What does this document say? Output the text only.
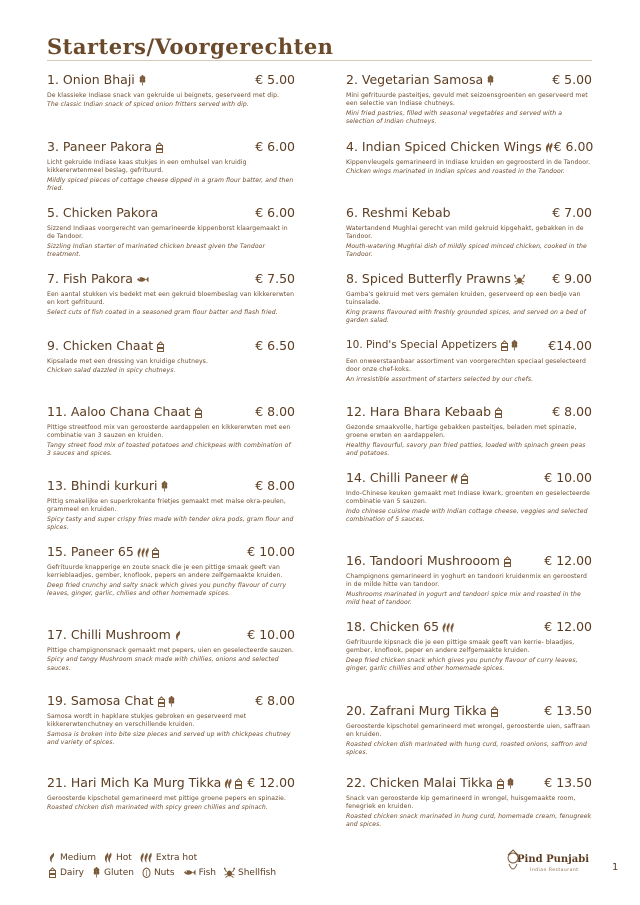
Starters/Voorgerechten
1. Onion Bhaji	€ 5.00
De klassieke Indiase snack van gekruide ui beignets, geserveerd met dip.
The classic Indian snack of spiced onion fritters served with dip.
2. Vegetarian Samosa	€ 5.00
Mini gefrituurde pasteitjes, gevuld met seizoensgroenten en geserveerd met een selectie van Indiase chutneys.
Mini fried pastries, filled with seasonal vegetables and served with a selection of Indian chutneys.
3. Paneer Pakora	€ 6.00
Licht gekruide Indiase kaas stukjes in een omhulsel van kruidig kikkererwtenmeel beslag, gefrituurd.
Mildly spiced pieces of cottage cheese dipped in a gram flour batter, and then fried.
4. Indian Spiced Chicken Wings € 6.00
Kippenvleugels gemarineerd in Indiase kruiden en gegroosterd in de Tandoor.
Chicken wings marinated in Indian spices and roasted in the Tandoor.
5. Chicken Pakora	€ 6.00
Sizzend Indiaas voorgerecht van gemarineerde kippenborst klaargemaakt in de Tandoor.
Sizzling Indian starter of marinated chicken breast given the Tandoor treatment.
6. Reshmi Kebab	€ 7.00
Watertandend Mughlai gerecht van mild gekruid kipgehakt, gebakken in de Tandoor.
Mouth-watering Mughlai dish of mildly spiced minced chicken, cooked in the Tandoor.
7. Fish Pakora	€ 7.50
Een aantal stukken vis bedekt met een gekruid bloembeslag van kikkererwten en kort gefrituurd.
Select cuts of fish coated in a seasoned gram flour batter and flash fried.
8. Spiced Butterfly Prawns	€ 9.00
Gamba's gekruid met vers gemalen kruiden, geserveerd op een bedje van tuinsalade.
King prawns flavoured with freshly grounded spices, and served on a bed of garden salad.
9. Chicken Chaat	€ 6.50
Kipsalade met een dressing van kruidige chutneys.
Chicken salad dazzled in spicy chutneys.
10. Pind's Special Appetizers	€14.00
Een onweerstaanbaar assortiment van voorgerechten speciaal geselecteerd door onze chef-koks.
An irresistible assortment of starters selected by our chefs.
11. Aaloo Chana Chaat	€ 8.00
Pittige streetfood mix van geroosterde aardappelen en kikkererwten met een combinatie van 3 sauzen en kruiden.
Tangy street food mix of toasted potatoes and chickpeas with combination of 3 sauces and spices.
12. Hara Bhara Kebaab	€ 8.00
Gezonde smaakvolle, hartige gebakken pasteitjes, beladen met spinazie, groene erwten en aardappelen.
Healthy flavourful, savory pan fried patties, loaded with spinach green peas and potatoes.
13. Bhindi kurkuri	€ 8.00
Pittig smakelijke en superkrokante frietjes gemaakt met malse okra-peulen, grammeel en kruiden.
Spicy tasty and super crispy fries made with tender okra pods, gram flour and spices.
14. Chilli Paneer	€ 10.00
Indo-Chinese keuken gemaakt met Indiase kwark, groenten en geselecteerde combinatie van 5 sauzen.
Indo chinese cuisine made with Indian cottage cheese, veggies and selected combination of 5 sauces.
15. Paneer 65	€ 10.00
Gefrituurde knapperige en zoute snack die je een pittige smaak geeft van kerrieblaadjes, gember, knoflook, pepers en andere zelfgemaakte kruiden.
Deep fried crunchy and salty snack which gives you punchy flavour of curry leaves, ginger, garlic, chilies and other homemade spices.
16. Tandoori Mushrooom	€ 12.00
Champignons gemarineerd in yoghurt en tandoori kruidenmix en geroosterd in de milde hitte van tandoor.
Mushrooms marinated in yogurt and tandoori spice mix and roasted in the mild heat of tandoor.
17. Chilli Mushroom	€ 10.00
Pittige champignonsnack gemaakt met pepers, uien en geselecteerde sauzen.
Spicy and tangy Mushroom snack made with chillies, onions and selected sauces.
18. Chicken 65	€ 12.00
Gefrituurde kipsnack die je een pittige smaak geeft van kerrie- blaadjes, gember, knoflook, peper en andere zelfgemaakte kruiden.
Deep fried chicken snack which gives you punchy flavour of curry leaves, ginger, garlic chillies and other homemade spices.
19. Samosa Chat	€ 8.00
Samosa wordt in hapklare stukjes gebroken en geserveerd met kikkererwtenchutney en verschillende kruiden.
Samosa is broken into bite size pieces and served up with chickpeas chutney and variety of spices.
20. Zafrani Murg Tikka	€ 13.50
Geroosterde kipschotel gemarineerd met wrongel, geroosterde uien, saffraan en kruiden.
Roasted chicken dish marinated with hung curd, roasted onions, saffron and spices.
21. Hari Mich Ka Murg Tikka € 12.00
Geroosterde kipschotel gemarineerd met pittige groene pepers en spinazie.
Roasted chicken dish marinated with spicy green chillies and spinach.
22. Chicken Malai Tikka	€ 13.50
Snack van geroosterde kip gemarineerd in wrongel, huisgemaakte room, fenegriek en kruiden.
Roasted chicken snack marinated in hung curd, homemade cream, fenugreek and spices.
Medium Hot	Extra hot
Dairy Gluten Nuts	Fish Shellfish
Pind Punjabi
Indian Restaurant	1
